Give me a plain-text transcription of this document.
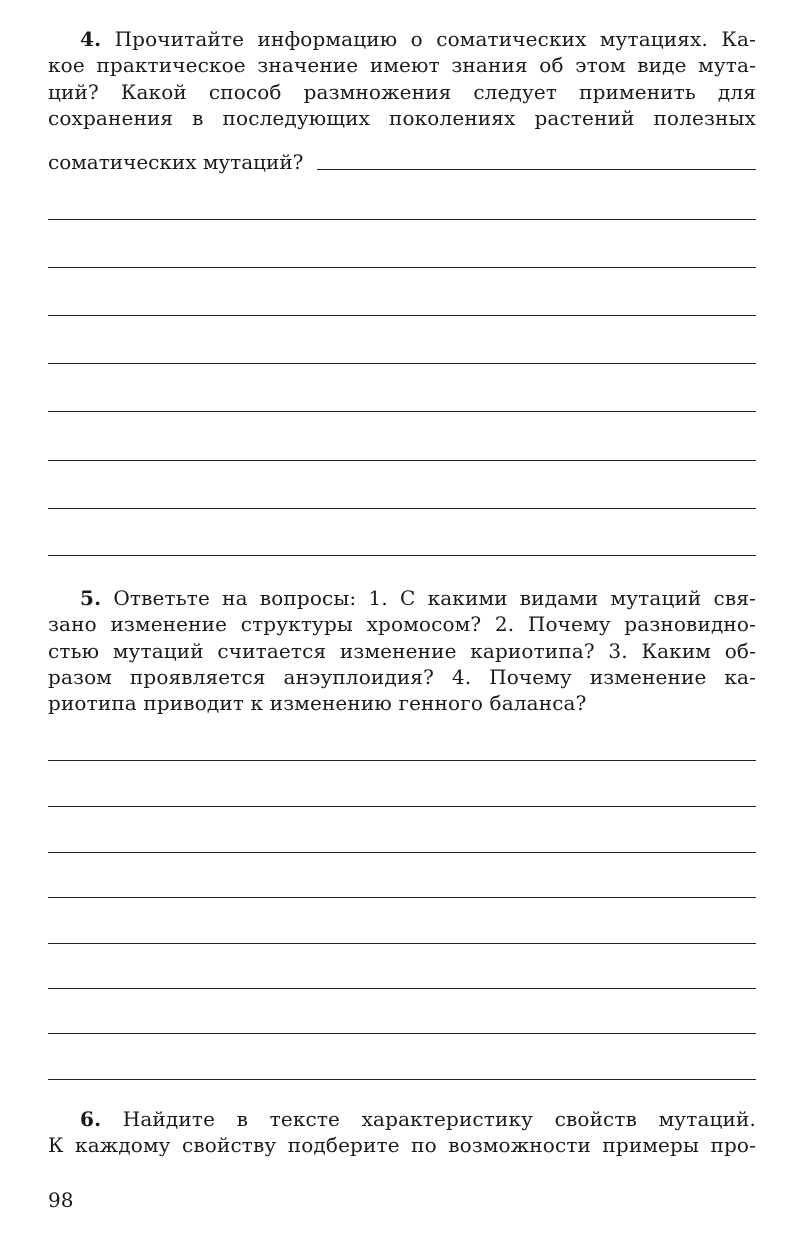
4. Прочитайте информацию о соматических мутациях. Ка-
кое практическое значение имеют знания об этом виде мута-
ций? Какой способ размножения следует применить для
сохранения в последующих поколениях растений полезных
соматических мутаций?
5. Ответьте на вопросы: 1. С какими видами мутаций свя-
зано изменение структуры хромосом? 2. Почему разновидно-
стью мутаций считается изменение кариотипа? 3. Каким об-
разом проявляется анэуплоидия? 4. Почему изменение ка-
риотипа приводит к изменению генного баланса?
6. Найдите в тексте характеристику свойств мутаций.
К каждому свойству подберите по возможности примеры про-
98
